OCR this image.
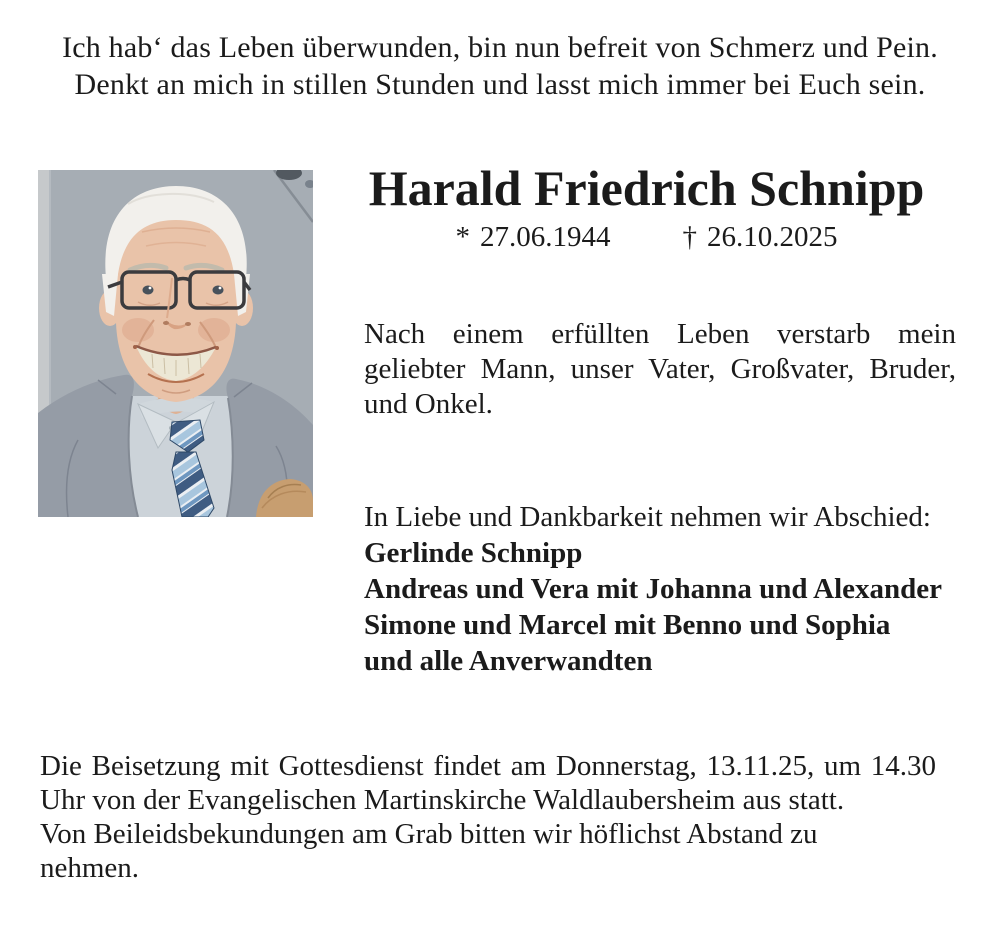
Ich hab‘ das Leben überwunden, bin nun befreit von Schmerz und Pein.
Denkt an mich in stillen Stunden und lasst mich immer bei Euch sein.
Harald Friedrich Schnipp
* 27.06.1944 † 26.10.2025
Nach einem erfüllten Leben verstarb mein
geliebter Mann, unser Vater, Großvater, Bruder,
und Onkel.
In Liebe und Dankbarkeit nehmen wir Abschied:
Gerlinde Schnipp
Andreas und Vera mit Johanna und Alexander
Simone und Marcel mit Benno und Sophia
und alle Anverwandten
Die Beisetzung mit Gottesdienst findet am Donnerstag, 13.11.25, um 14.30
Uhr von der Evangelischen Martinskirche Waldlaubersheim aus statt.
Von Beileidsbekundungen am Grab bitten wir höflichst Abstand zu
nehmen.
